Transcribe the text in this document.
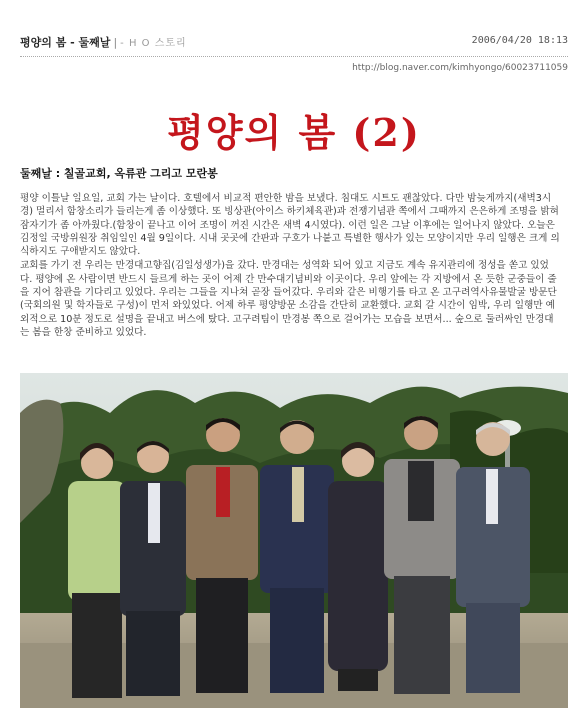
평양의 봄 - 둘째날 | - H O 스토리	2006/04/20 18:13
http://blog.naver.com/kimhyongo/60023711059
평양의 봄 (2)
둘째날 : 칠골교회, 옥류관 그리고 모란봉

평양 이틀날 일요일, 교회 가는 날이다. 호텔에서 비교적 편안한 밤을 보냈다. 침대도 시트도 괜찮았다. 다만 밤늦게까지(새벽3시경) 멀리서 함창소리가 들리는게 좀 이상했다. 또 빙상관(아이스 하키체육관)과 전쟁기념관 쪽에서 그때까지 은은하게 조명을 밝혀 잠자기가 좀 아까웠다.(함창이 끝나고 이어 조명이 꺼진 시간은 새벽 4시였다). 이런 일은 그날 이후에는 일어나지 않았다. 오늘은 김정일 국방위원장 취임일인 4월 9일이다. 시내 곳곳에 간판과 구호가 나붙고 특별한 행사가 있는 모양이지만 우리 일행은 크게 의식하지도 구애받지도 않았다.

교회를 가기 전 우리는 만경대고향집(김일성생가)을 갔다. 만경대는 성역화 되어 있고 지금도 계속 유지관리에 정성을 쏟고 있었다. 평양에 온 사람이면 반드시 들르게 하는 곳이 어제 간 만수대기념비와 이곳이다. 우리 앞에는 각 지방에서 온 듯한 군중들이 줄을 지어 참관을 기다리고 있었다. 우리는 그들을 지나쳐 곧장 들어갔다. 우리와 같은 비행기를 타고 온 고구려역사유물발굴 방문단(국회의원 및 학자들로 구성)이 먼저 와있었다. 어제 하루 평양방문 소감을 간단히 교환했다. 교회 갈 시간이 임박, 우리 일행만 예외적으로 10분 정도로 설명을 끝내고 버스에 탔다. 고구려팀이 만경봉 쪽으로 걸어가는 모습을 보면서... 숲으로 둘러싸인 만경대는 봄을 한창 준비하고 있었다.
